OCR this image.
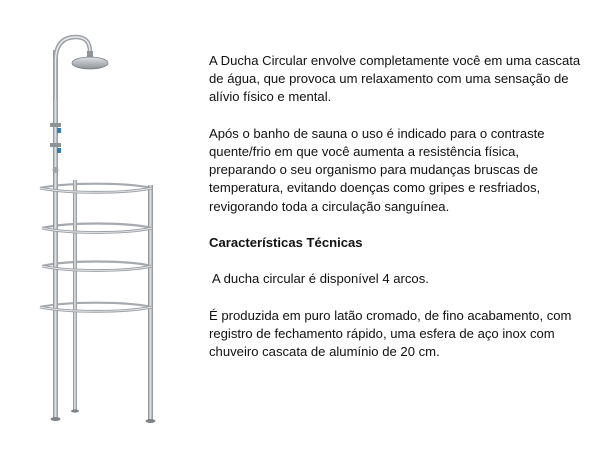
A Ducha Circular envolve completamente você em uma cascata de água, que provoca um relaxamento com uma sensação de alívio físico e mental.

Após o banho de sauna o uso é indicado para o contraste quente/frio em que você aumenta a resistência física, preparando o seu organismo para mudanças bruscas de temperatura, evitando doenças como gripes e resfriados, revigorando toda a circulação sanguínea.

Características Técnicas

A ducha circular é disponível 4 arcos.

É produzida em puro latão cromado, de fino acabamento, com registro de fechamento rápido, uma esfera de aço inox com chuveiro cascata de alumínio de 20 cm.
